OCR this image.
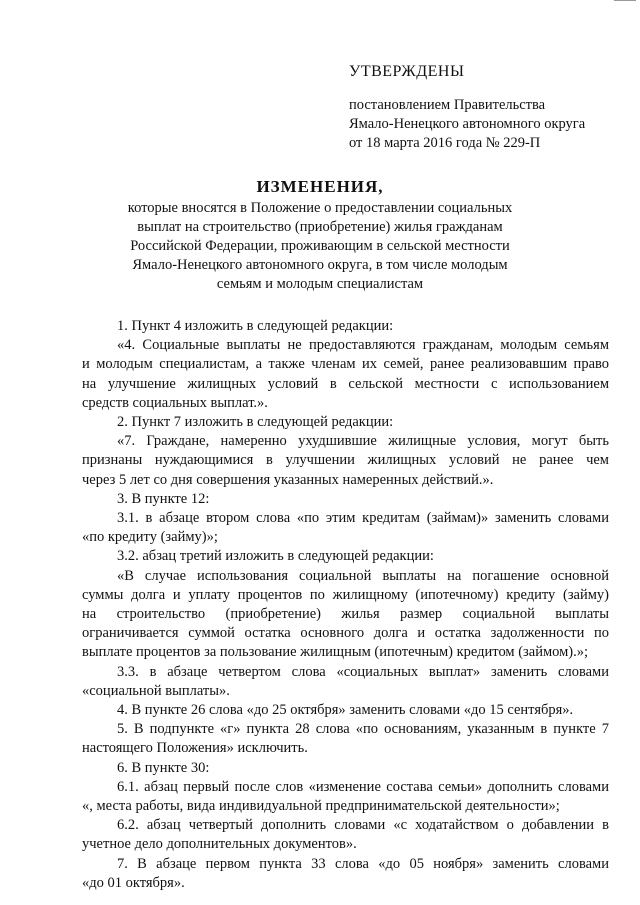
УТВЕРЖДЕНЫ
постановлением Правительства
Ямало-Ненецкого автономного округа
от 18 марта 2016 года № 229-П
ИЗМЕНЕНИЯ,
которые вносятся в Положение о предоставлении социальных
выплат на строительство (приобретение) жилья гражданам
Российской Федерации, проживающим в сельской местности
Ямало-Ненецкого автономного округа, в том числе молодым
семьям и молодым специалистам
1. Пункт 4 изложить в следующей редакции:
«4. Социальные выплаты не предоставляются гражданам, молодым семьям
и молодым специалистам, а также членам их семей, ранее реализовавшим право
на улучшение жилищных условий в сельской местности с использованием
средств социальных выплат.».
2. Пункт 7 изложить в следующей редакции:
«7. Граждане, намеренно ухудшившие жилищные условия, могут быть
признаны нуждающимися в улучшении жилищных условий не ранее чем
через 5 лет со дня совершения указанных намеренных действий.».
3. В пункте 12:
3.1. в абзаце втором слова «по этим кредитам (займам)» заменить словами
«по кредиту (займу)»;
3.2. абзац третий изложить в следующей редакции:
«В случае использования социальной выплаты на погашение основной
суммы долга и уплату процентов по жилищному (ипотечному) кредиту (займу)
на строительство (приобретение) жилья размер социальной выплаты
ограничивается суммой остатка основного долга и остатка задолженности по
выплате процентов за пользование жилищным (ипотечным) кредитом (займом).»;
3.3. в абзаце четвертом слова «социальных выплат» заменить словами
«социальной выплаты».
4. В пункте 26 слова «до 25 октября» заменить словами «до 15 сентября».
5. В подпункте «г» пункта 28 слова «по основаниям, указанным в пункте 7
настоящего Положения» исключить.
6. В пункте 30:
6.1. абзац первый после слов «изменение состава семьи» дополнить словами
«, места работы, вида индивидуальной предпринимательской деятельности»;
6.2. абзац четвертый дополнить словами «с ходатайством о добавлении в
учетное дело дополнительных документов».
7. В абзаце первом пункта 33 слова «до 05 ноября» заменить словами
«до 01 октября».
